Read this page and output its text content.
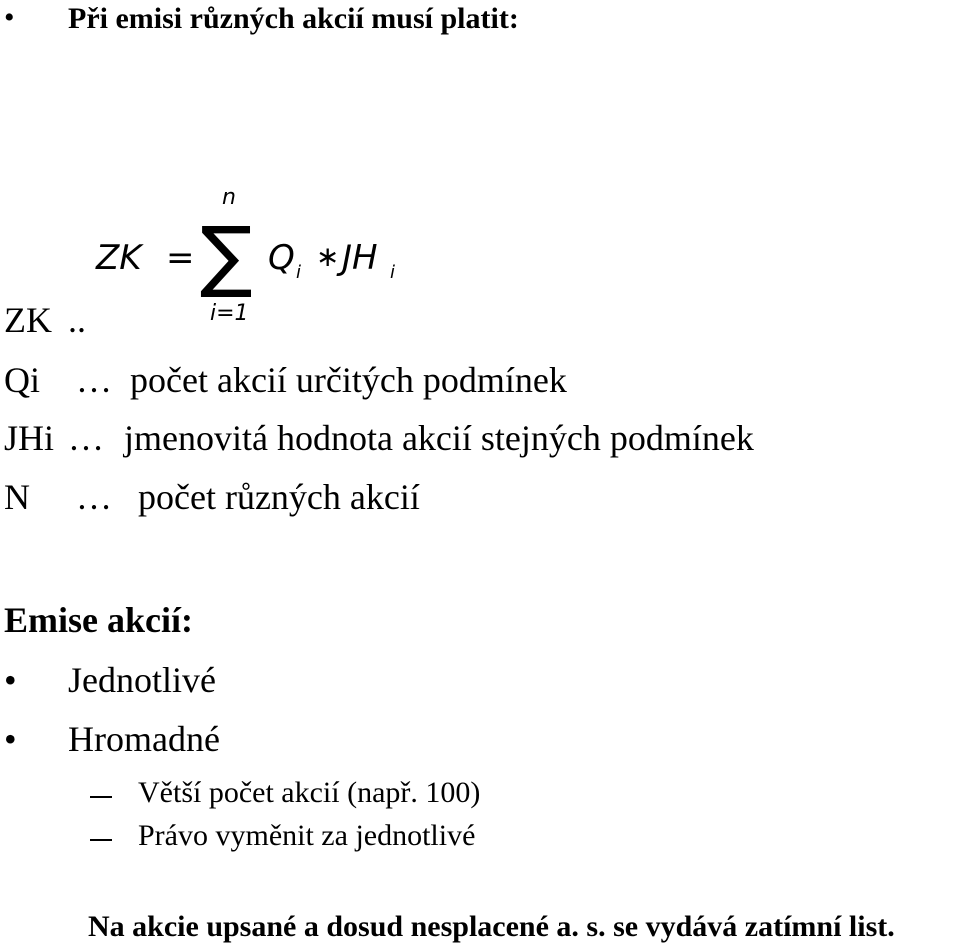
• Při emisi různých akcií musí platit:
ZK = ∑
n
i=1
Q i ∗ JH i
ZK ..
Qi … počet akcií určitých podmínek
JHi … jmenovitá hodnota akcií stejných podmínek
N … počet různých akcií
Emise akcií:
• Jednotlivé
• Hromadné
Větší počet akcií (např. 100)
Právo vyměnit za jednotlivé
Na akcie upsané a dosud nesplacené a. s. se vydává zatímní list.
